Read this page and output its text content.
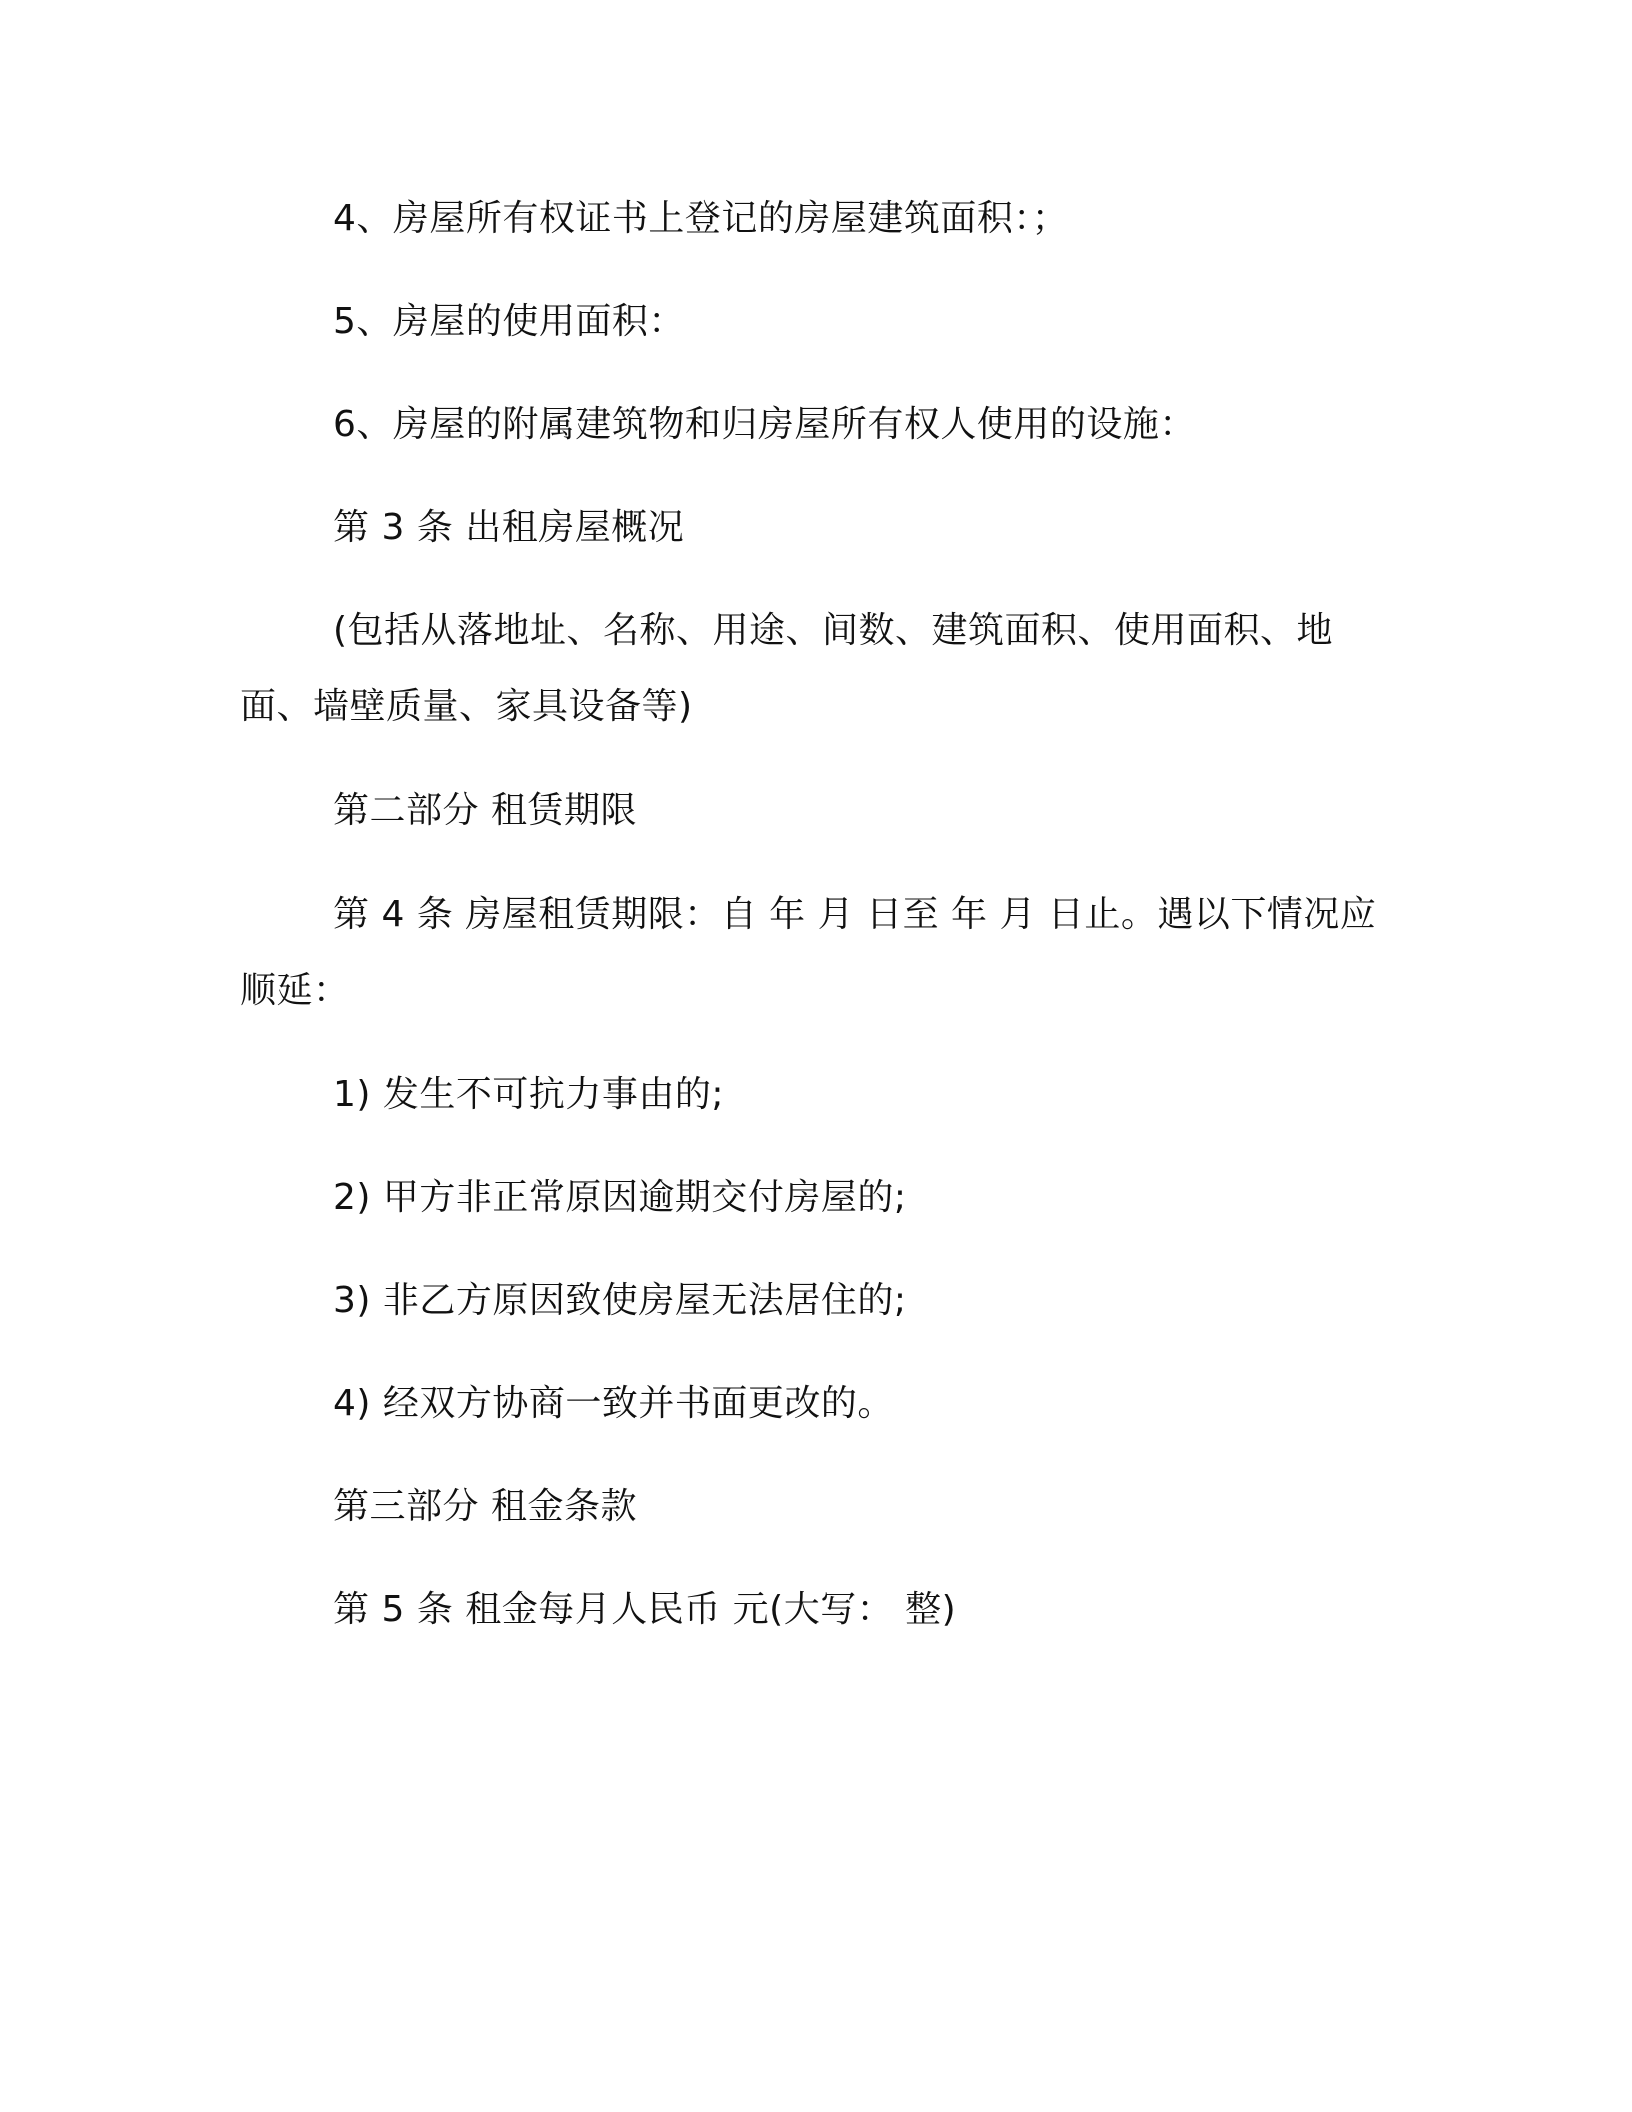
4、房屋所有权证书上登记的房屋建筑面积：；
5、房屋的使用面积：
6、房屋的附属建筑物和归房屋所有权人使用的设施：
第 3 条 出租房屋概况
(包括从落地址、名称、用途、间数、建筑面积、使用面积、地
面、墙壁质量、家具设备等)
第二部分 租赁期限
第 4 条 房屋租赁期限：自 年 月 日至 年 月 日止。遇以下情况应
顺延：
1) 发生不可抗力事由的;
2) 甲方非正常原因逾期交付房屋的;
3) 非乙方原因致使房屋无法居住的;
4) 经双方协商一致并书面更改的。
第三部分 租金条款
第 5 条 租金每月人民币 元(大写： 整)
